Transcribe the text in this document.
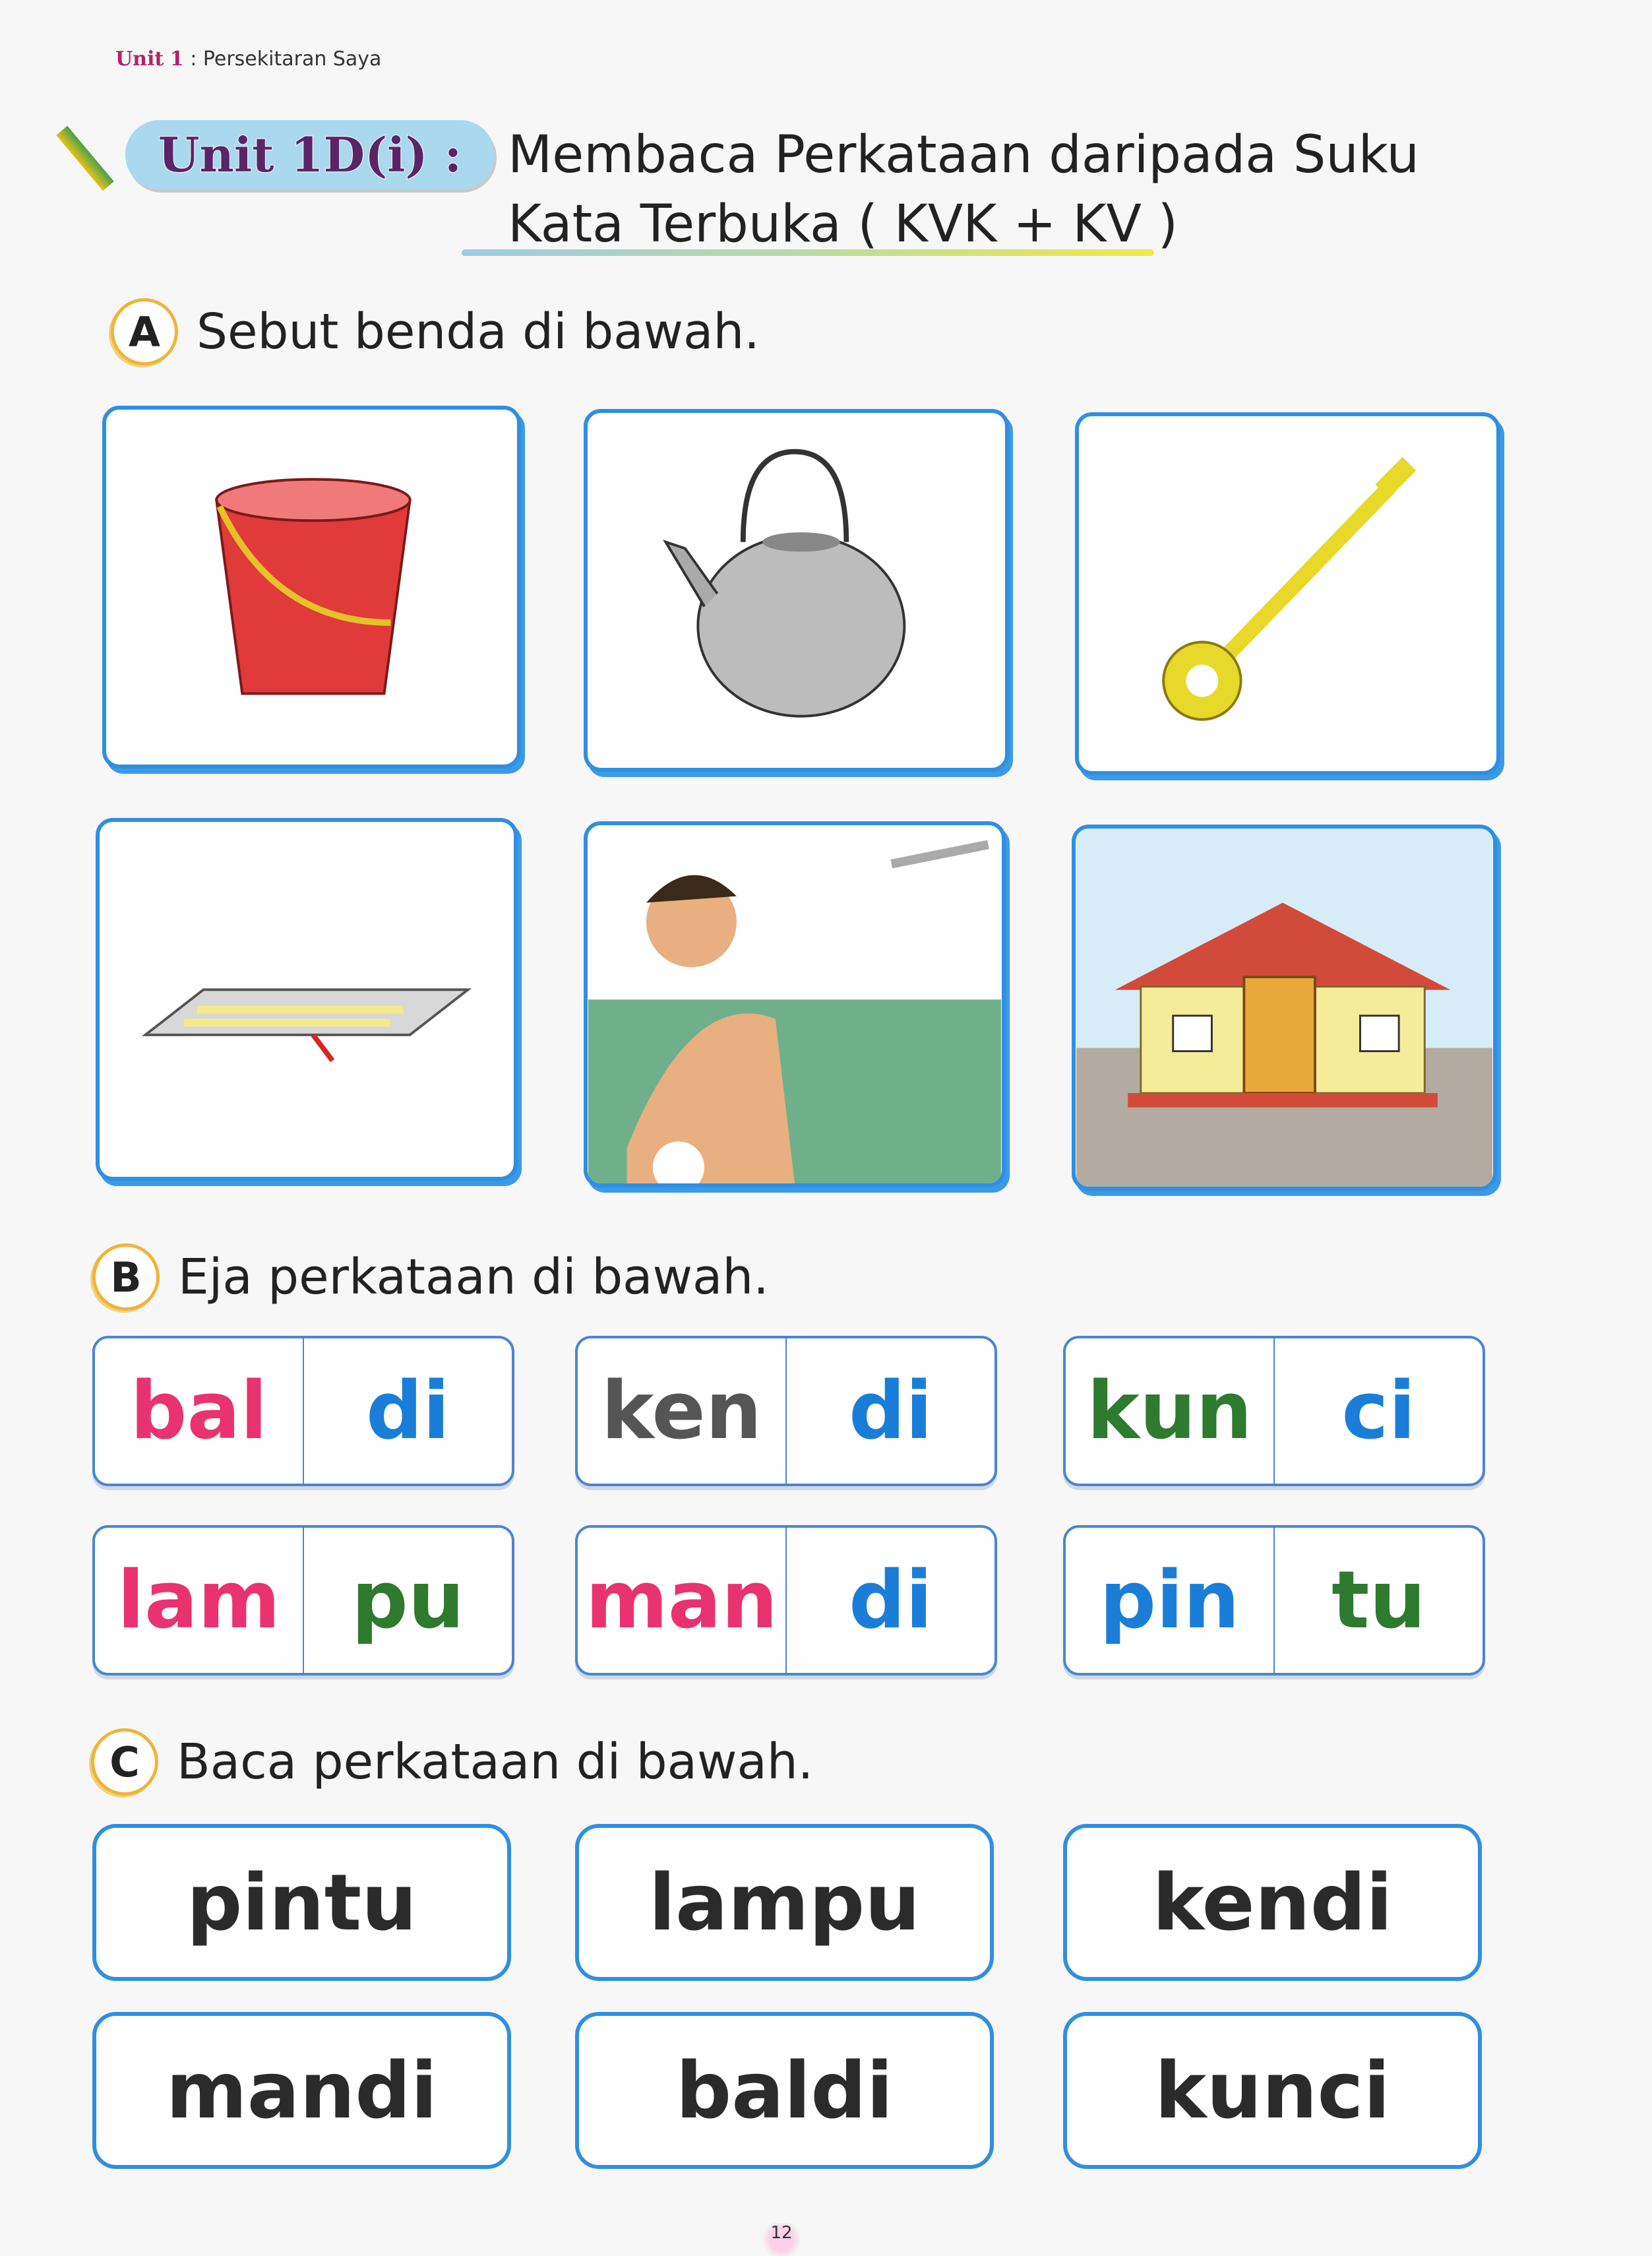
Unit 1 : Persekitaran Saya
Unit 1D(i) : Membaca Perkataan daripada Suku
Kata Terbuka ( KVK + KV )
A Sebut benda di bawah.
B Eja perkataan di bawah.
bal	di	ken	di	kun	ci
lam pu	man di	pin	tu
C Baca perkataan di bawah.
pintu	lampu	kendi
mandi	baldi	kunci
12
